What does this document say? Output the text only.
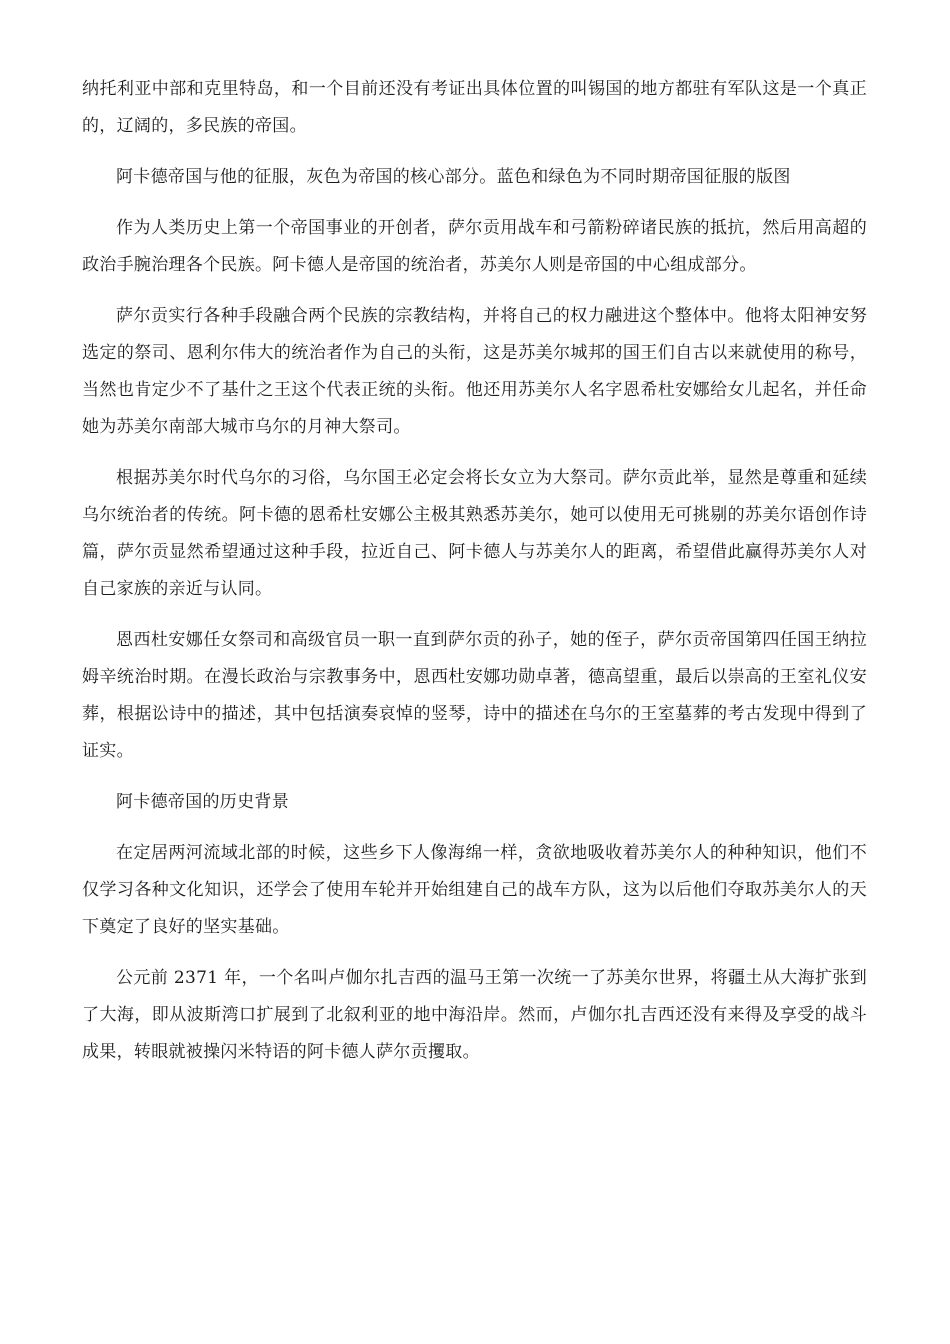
纳托利亚中部和克里特岛，和一个目前还没有考证出具体位置的叫锡国的地方都驻有军队这是一个真正的，辽阔的，多民族的帝国。

阿卡德帝国与他的征服，灰色为帝国的核心部分。蓝色和绿色为不同时期帝国征服的版图

作为人类历史上第一个帝国事业的开创者，萨尔贡用战车和弓箭粉碎诸民族的抵抗，然后用高超的政治手腕治理各个民族。阿卡德人是帝国的统治者，苏美尔人则是帝国的中心组成部分。

萨尔贡实行各种手段融合两个民族的宗教结构，并将自己的权力融进这个整体中。他将太阳神安努选定的祭司、恩利尔伟大的统治者作为自己的头衔，这是苏美尔城邦的国王们自古以来就使用的称号，当然也肯定少不了基什之王这个代表正统的头衔。他还用苏美尔人名字恩希杜安娜给女儿起名，并任命她为苏美尔南部大城市乌尔的月神大祭司。

根据苏美尔时代乌尔的习俗，乌尔国王必定会将长女立为大祭司。萨尔贡此举，显然是尊重和延续乌尔统治者的传统。阿卡德的恩希杜安娜公主极其熟悉苏美尔，她可以使用无可挑剔的苏美尔语创作诗篇，萨尔贡显然希望通过这种手段，拉近自己、阿卡德人与苏美尔人的距离，希望借此赢得苏美尔人对自己家族的亲近与认同。

恩西杜安娜任女祭司和高级官员一职一直到萨尔贡的孙子，她的侄子，萨尔贡帝国第四任国王纳拉姆辛统治时期。在漫长政治与宗教事务中，恩西杜安娜功勋卓著，德高望重，最后以崇高的王室礼仪安葬，根据讼诗中的描述，其中包括演奏哀悼的竖琴，诗中的描述在乌尔的王室墓葬的考古发现中得到了证实。

阿卡德帝国的历史背景

在定居两河流域北部的时候，这些乡下人像海绵一样，贪欲地吸收着苏美尔人的种种知识，他们不仅学习各种文化知识，还学会了使用车轮并开始组建自己的战车方队，这为以后他们夺取苏美尔人的天下奠定了良好的坚实基础。

公元前 2371 年，一个名叫卢伽尔扎吉西的温马王第一次统一了苏美尔世界，将疆土从大海扩张到了大海，即从波斯湾口扩展到了北叙利亚的地中海沿岸。然而，卢伽尔扎吉西还没有来得及享受的战斗成果，转眼就被操闪米特语的阿卡德人萨尔贡攫取。
